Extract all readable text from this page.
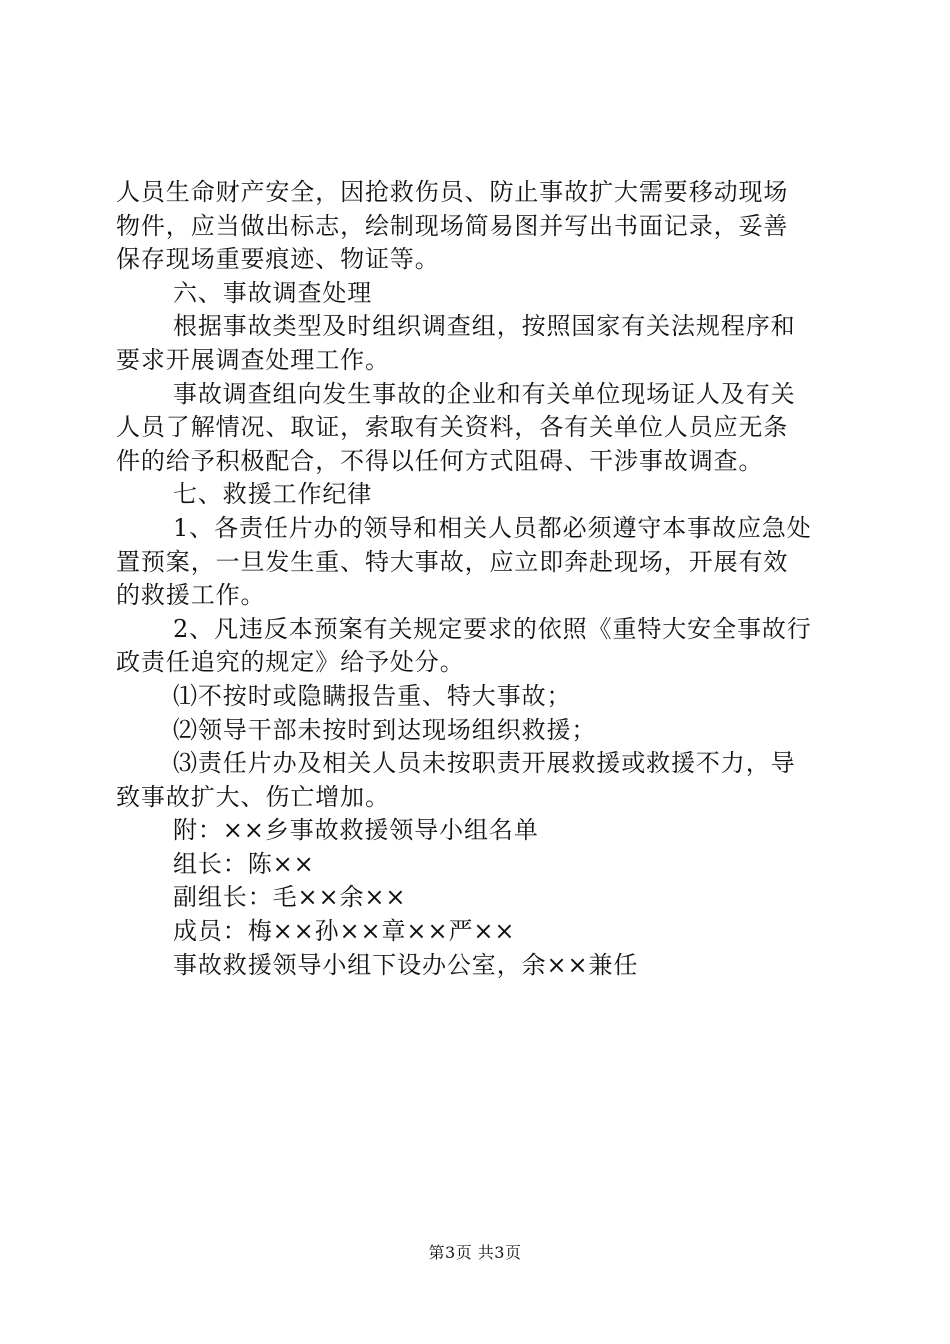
人员生命财产安全，因抢救伤员、防止事故扩大需要移动现场
物件，应当做出标志，绘制现场简易图并写出书面记录，妥善
保存现场重要痕迹、物证等。
六、事故调查处理
根据事故类型及时组织调查组，按照国家有关法规程序和
要求开展调查处理工作。
事故调查组向发生事故的企业和有关单位现场证人及有关
人员了解情况、取证，索取有关资料，各有关单位人员应无条
件的给予积极配合，不得以任何方式阻碍、干涉事故调查。
七、救援工作纪律
1、各责任片办的领导和相关人员都必须遵守本事故应急处
置预案，一旦发生重、特大事故，应立即奔赴现场，开展有效
的救援工作。
2、凡违反本预案有关规定要求的依照《重特大安全事故行
政责任追究的规定》给予处分。
⑴不按时或隐瞒报告重、特大事故；
⑵领导干部未按时到达现场组织救援；
⑶责任片办及相关人员未按职责开展救援或救援不力，导
致事故扩大、伤亡增加。
附：××乡事故救援领导小组名单
组长：陈××
副组长：毛××余××
成员：梅××孙××章××严××
事故救援领导小组下设办公室，余××兼任
第3页 共3页
